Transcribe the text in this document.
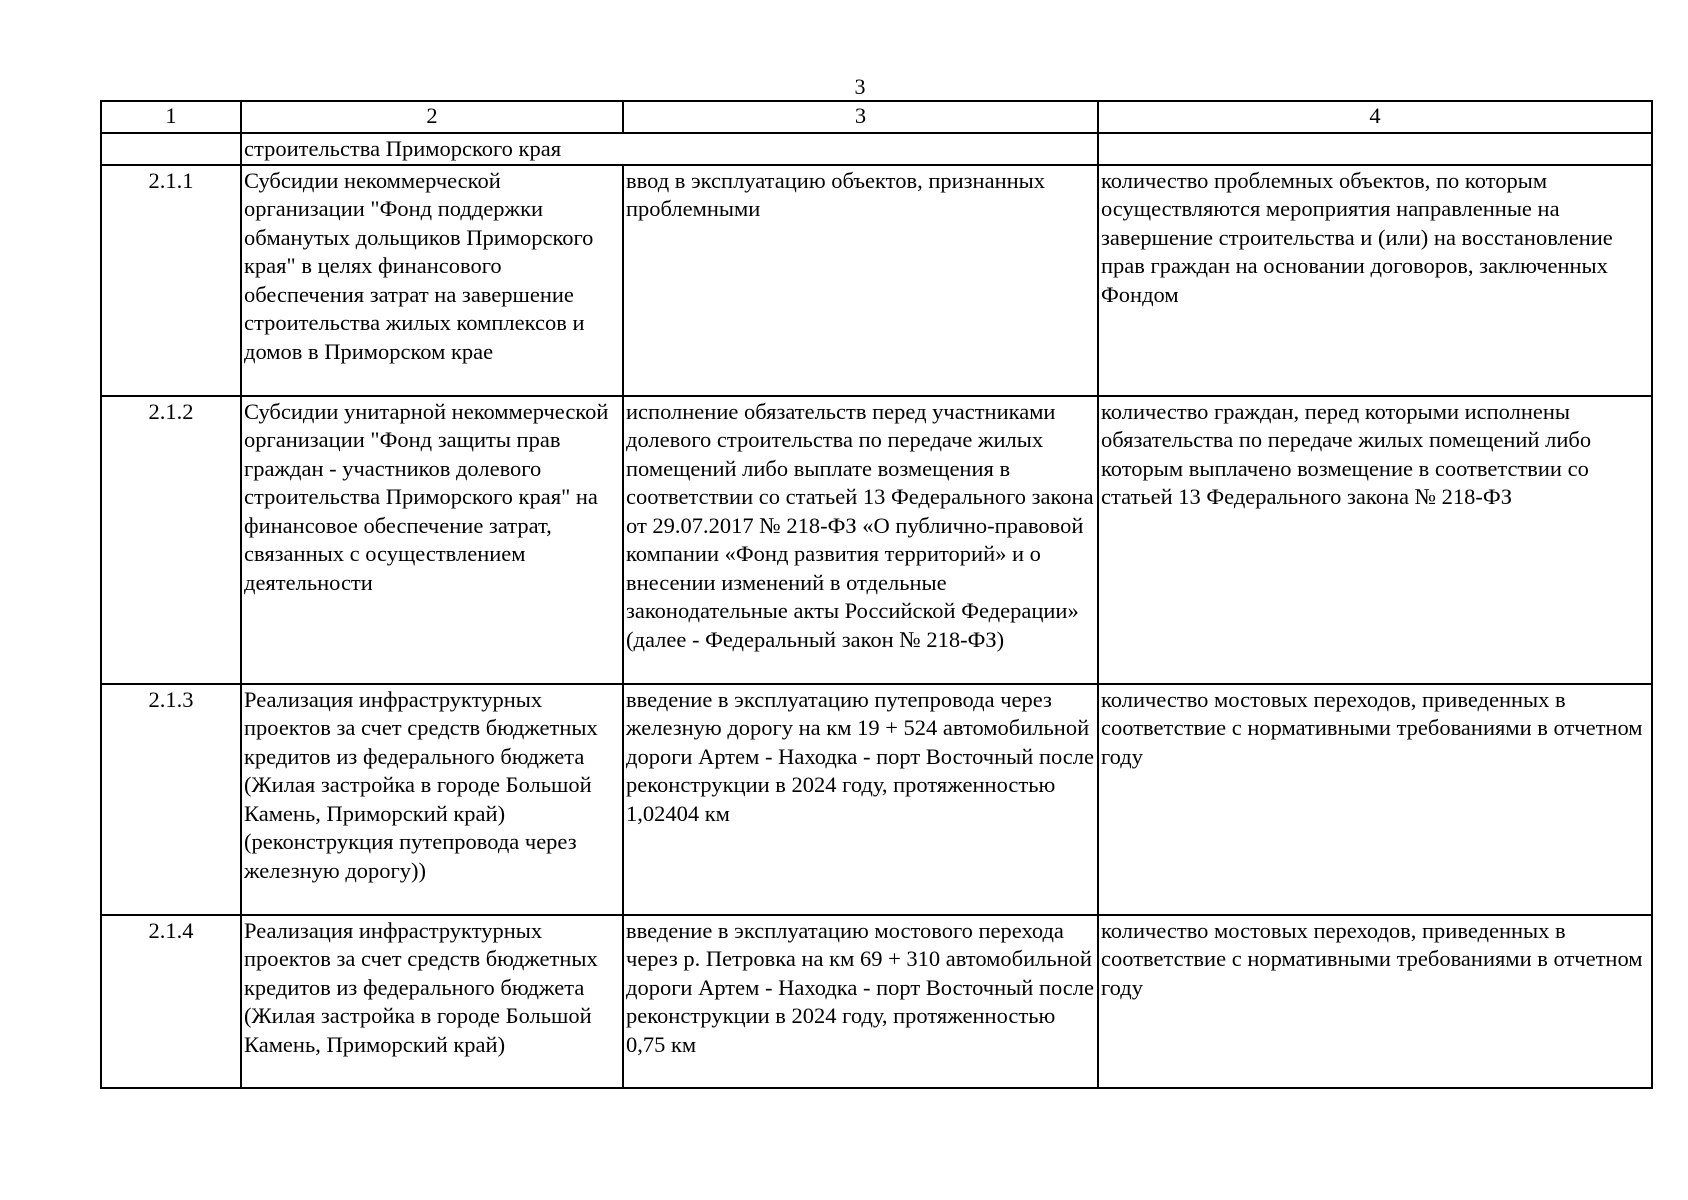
3
1	2	3	4
	строительства Приморского края		

2.1.1	Субсидии некоммерческой организации "Фонд поддержки обманутых дольщиков Приморского края" в целях финансового обеспечения затрат на завершение строительства жилых комплексов и домов в Приморском крае	ввод в эксплуатацию объектов, признанных проблемными	количество проблемных объектов, по которым осуществляются мероприятия направленные на завершение строительства и (или) на восстановление прав граждан на основании договоров, заключенных Фондом
2.1.2	Субсидии унитарной некоммерческой организации "Фонд защиты прав граждан - участников долевого строительства Приморского края" на финансовое обеспечение затрат, связанных с осуществлением деятельности	исполнение обязательств перед участниками долевого строительства по передаче жилых помещений либо выплате возмещения в соответствии со статьей 13 Федерального закона от 29.07.2017 № 218-ФЗ «О публично-правовой компании «Фонд развития территорий» и о внесении изменений в отдельные законодательные акты Российской Федерации» (далее - Федеральный закон № 218-ФЗ)	количество граждан, перед которыми исполнены обязательства по передаче жилых помещений либо которым выплачено возмещение в соответствии со статьей 13 Федерального закона № 218-ФЗ
2.1.3	Реализация инфраструктурных проектов за счет средств бюджетных кредитов из федерального бюджета (Жилая застройка в городе Большой Камень, Приморский край) (реконструкция путепровода через железную дорогу))	введение в эксплуатацию путепровода через железную дорогу на км 19 + 524 автомобильной дороги Артем - Находка - порт Восточный после реконструкции в 2024 году, протяженностью 1,02404 км	количество мостовых переходов, приведенных в соответствие с нормативными требованиями в отчетном году
2.1.4	Реализация инфраструктурных проектов за счет средств бюджетных кредитов из федерального бюджета (Жилая застройка в городе Большой Камень, Приморский край)	введение в эксплуатацию мостового перехода через р. Петровка на км 69 + 310 автомобильной дороги Артем - Находка - порт Восточный после реконструкции в 2024 году, протяженностью 0,75 км	количество мостовых переходов, приведенных в соответствие с нормативными требованиями в отчетном году
